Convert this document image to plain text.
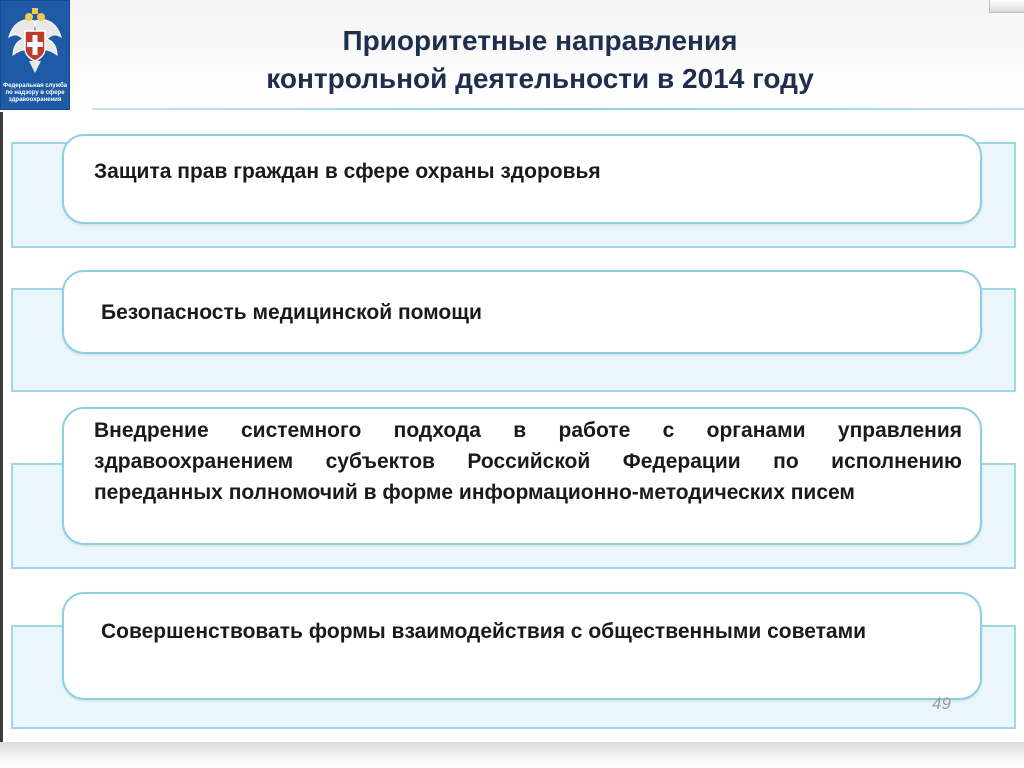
Федеральная служба
по надзору в сфере
здравоохранения
Приоритетные направления
контрольной деятельности в 2014 году
Защита прав граждан в сфере охраны здоровья
Безопасность медицинской помощи
Внедрение системного подхода в работе с органами управления здравоохранением субъектов Российской Федерации по исполнению переданных полномочий в форме информационно-методических писем
Совершенствовать формы взаимодействия с общественными советами
49
